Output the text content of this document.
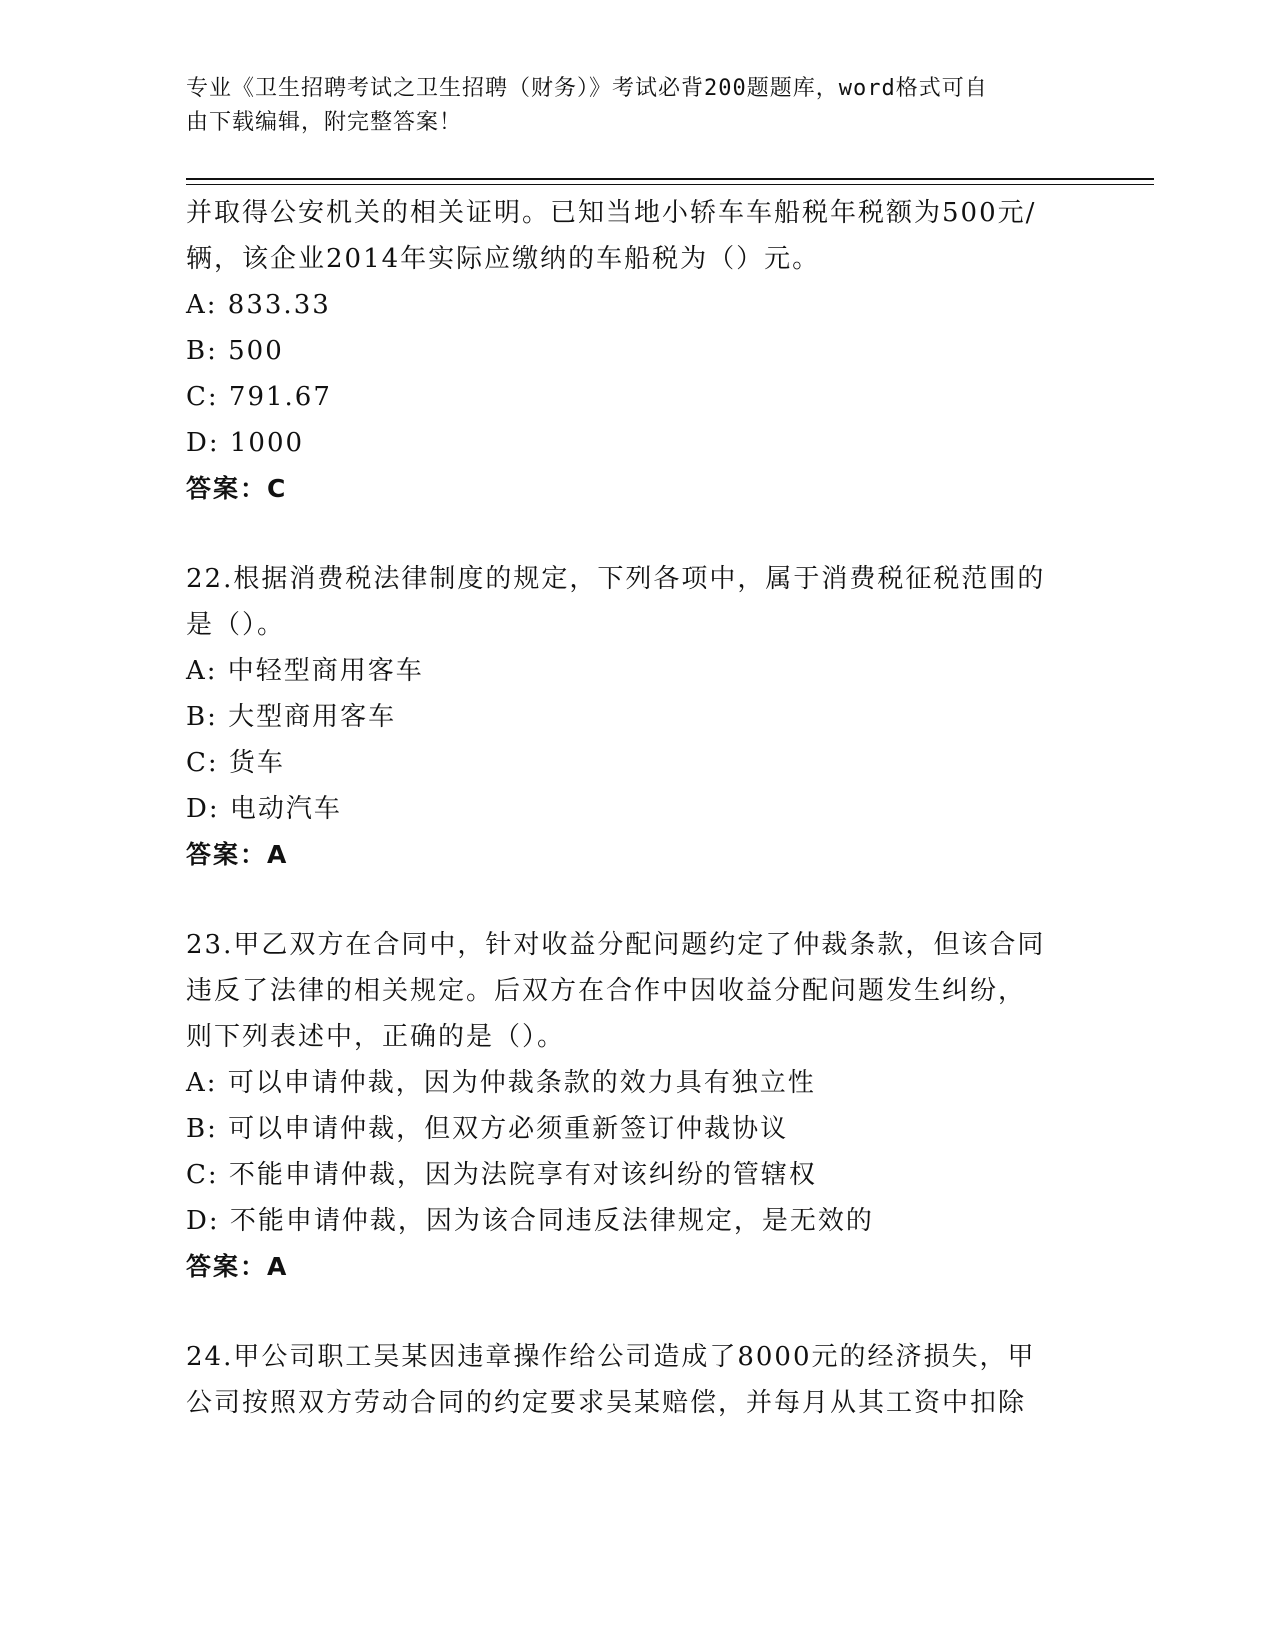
专业《卫生招聘考试之卫生招聘（财务）》考试必背200题题库，word格式可自
由下载编辑，附完整答案！

并取得公安机关的相关证明。已知当地小轿车车船税年税额为500元/

辆，该企业2014年实际应缴纳的车船税为（）元。

A: 833.33

B: 500

C: 791.67

D: 1000

答案：C

22.根据消费税法律制度的规定，下列各项中，属于消费税征税范围的

是（）。

A: 中轻型商用客车

B: 大型商用客车

C: 货车

D: 电动汽车

答案：A

23.甲乙双方在合同中，针对收益分配问题约定了仲裁条款，但该合同

违反了法律的相关规定。后双方在合作中因收益分配问题发生纠纷，

则下列表述中，正确的是（）。

A: 可以申请仲裁，因为仲裁条款的效力具有独立性

B: 可以申请仲裁，但双方必须重新签订仲裁协议

C: 不能申请仲裁，因为法院享有对该纠纷的管辖权

D: 不能申请仲裁，因为该合同违反法律规定，是无效的

答案：A

24.甲公司职工吴某因违章操作给公司造成了8000元的经济损失，甲

公司按照双方劳动合同的约定要求吴某赔偿，并每月从其工资中扣除
